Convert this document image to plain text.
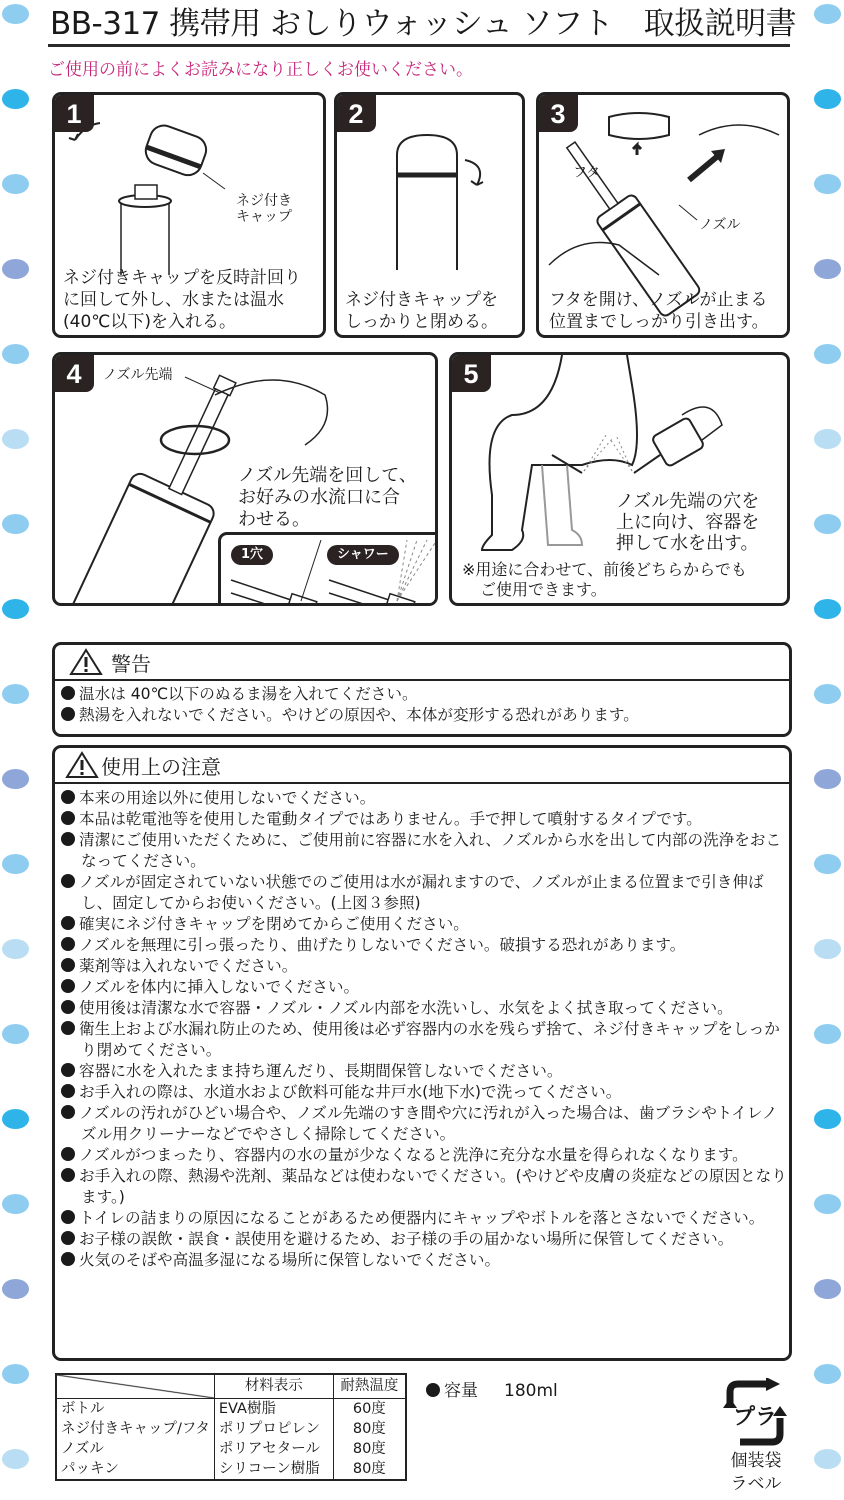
BB-317 携帯用 おしりウォッシュ ソフト　取扱説明書
ご使用の前によくお読みになり正しくお使いください。
ネジ付き
キャップ
1
ネジ付きキャップを反時計回り
に回して外し、水または温水
(40℃以下)を入れる。
2
ネジ付きキャップを
しっかりと閉める。
フタ
ノズル
3
フタを開け、ノズルが止まる
位置までしっかり引き出す。
ノズル先端
4
ノズル先端を回して、
お好みの水流口に合
わせる。
1穴	シャワー
5
ノズル先端の穴を
上に向け、容器を
押して水を出す。
※用途に合わせて、前後どちらからでも
ご使用できます。
警告
温水は 40℃以下のぬるま湯を入れてください。
熱湯を入れないでください。やけどの原因や、本体が変形する恐れがあります。
使用上の注意
本来の用途以外に使用しないでください。
本品は乾電池等を使用した電動タイプではありません。手で押して噴射するタイプです。
清潔にご使用いただくために、ご使用前に容器に水を入れ、ノズルから水を出して内部の洗浄をおこなってください。
ノズルが固定されていない状態でのご使用は水が漏れますので、ノズルが止まる位置まで引き伸ばし、固定してからお使いください。(上図３参照)
確実にネジ付きキャップを閉めてからご使用ください。
ノズルを無理に引っ張ったり、曲げたりしないでください。破損する恐れがあります。
薬剤等は入れないでください。
ノズルを体内に挿入しないでください。
使用後は清潔な水で容器・ノズル・ノズル内部を水洗いし、水気をよく拭き取ってください。
衛生上および水漏れ防止のため、使用後は必ず容器内の水を残らず捨て、ネジ付きキャップをしっかり閉めてください。
容器に水を入れたまま持ち運んだり、長期間保管しないでください。
お手入れの際は、水道水および飲料可能な井戸水(地下水)で洗ってください。
ノズルの汚れがひどい場合や、ノズル先端のすき間や穴に汚れが入った場合は、歯ブラシやトイレノズル用クリーナーなどでやさしく掃除してください。
ノズルがつまったり、容器内の水の量が少なくなると洗浄に充分な水量を得られなくなります。
お手入れの際、熱湯や洗剤、薬品などは使わないでください。(やけどや皮膚の炎症などの原因となります。)
トイレの詰まりの原因になることがあるため便器内にキャップやボトルを落とさないでください。
お子様の誤飲・誤食・誤使用を避けるため、お子様の手の届かない場所に保管してください。
火気のそばや高温多湿になる場所に保管しないでください。
	材料表示	耐熱温度
ボトル	EVA樹脂	60度
ネジ付きキャップ/フタ	ポリプロピレン	80度
ノズル	ポリアセタール	80度
パッキン	シリコーン樹脂	80度
容量 180ml
プラ
個装袋
ラベル
